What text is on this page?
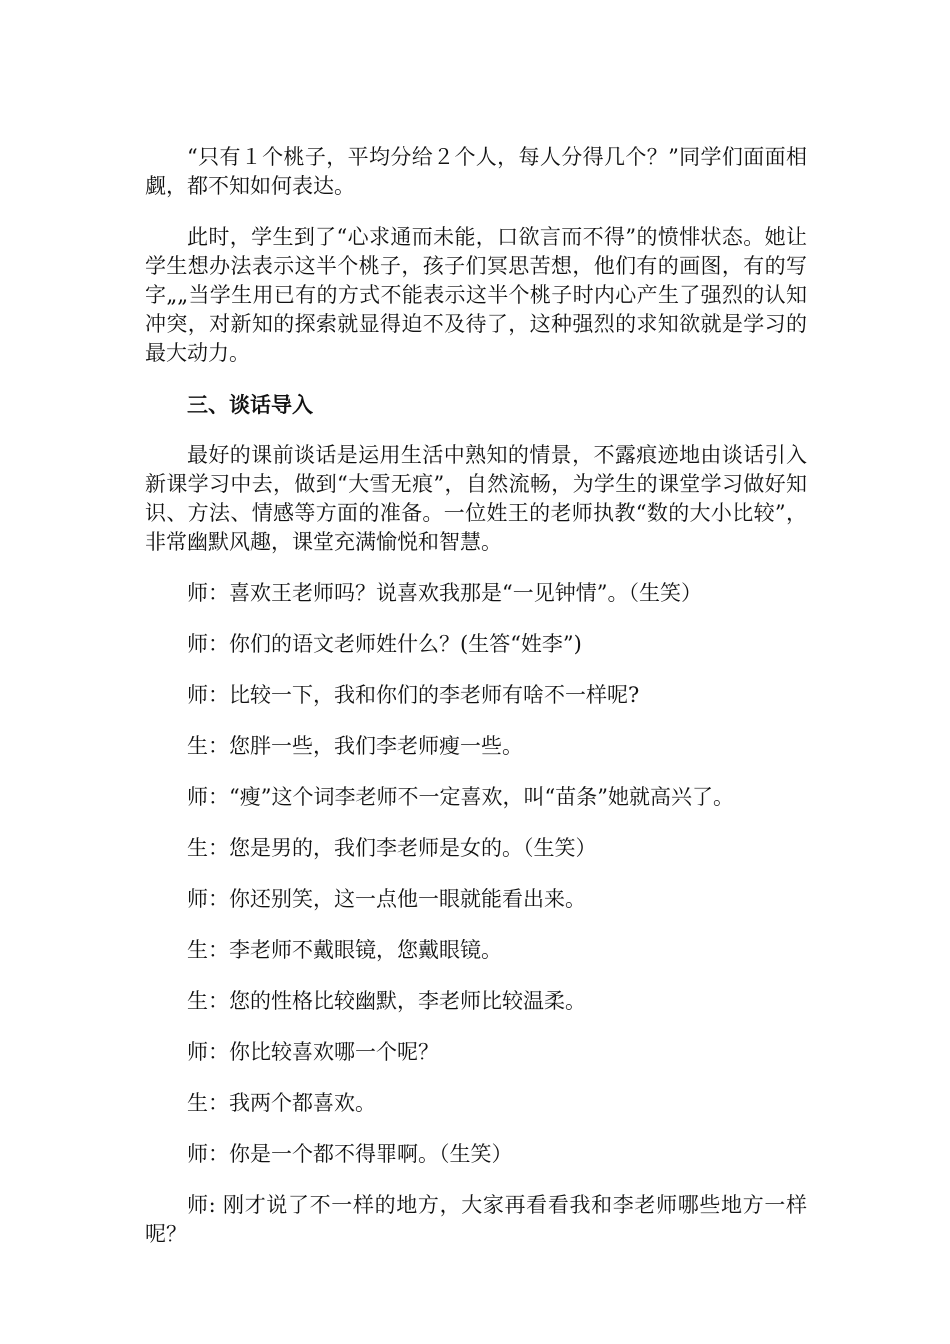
“只有１个桃子，平均分给２个人，每人分得几个？”同学们面面相觑，都不知如何表达。

此时，学生到了“心求通而未能，口欲言而不得”的愤悱状态。她让学生想办法表示这半个桃子，孩子们冥思苦想，他们有的画图，有的写字„„当学生用已有的方式不能表示这半个桃子时内心产生了强烈的认知冲突，对新知的探索就显得迫不及待了，这种强烈的求知欲就是学习的最大动力。

三、谈话导入

最好的课前谈话是运用生活中熟知的情景，不露痕迹地由谈话引入新课学习中去，做到“大雪无痕”，自然流畅，为学生的课堂学习做好知识、方法、情感等方面的准备。一位姓王的老师执教“数的大小比较”，非常幽默风趣，课堂充满愉悦和智慧。

师：喜欢王老师吗？说喜欢我那是“一见钟情”。（生笑）

师：你们的语文老师姓什么？(生答“姓李”)

师：比较一下，我和你们的李老师有啥不一样呢?

生：您胖一些，我们李老师瘦一些。

师：“瘦”这个词李老师不一定喜欢，叫“苗条”她就高兴了。

生：您是男的，我们李老师是女的。（生笑）

师：你还别笑，这一点他一眼就能看出来。

生：李老师不戴眼镜，您戴眼镜。

生：您的性格比较幽默，李老师比较温柔。

师：你比较喜欢哪一个呢？

生：我两个都喜欢。

师：你是一个都不得罪啊。（生笑）

师: 刚才说了不一样的地方，大家再看看我和李老师哪些地方一样呢？
